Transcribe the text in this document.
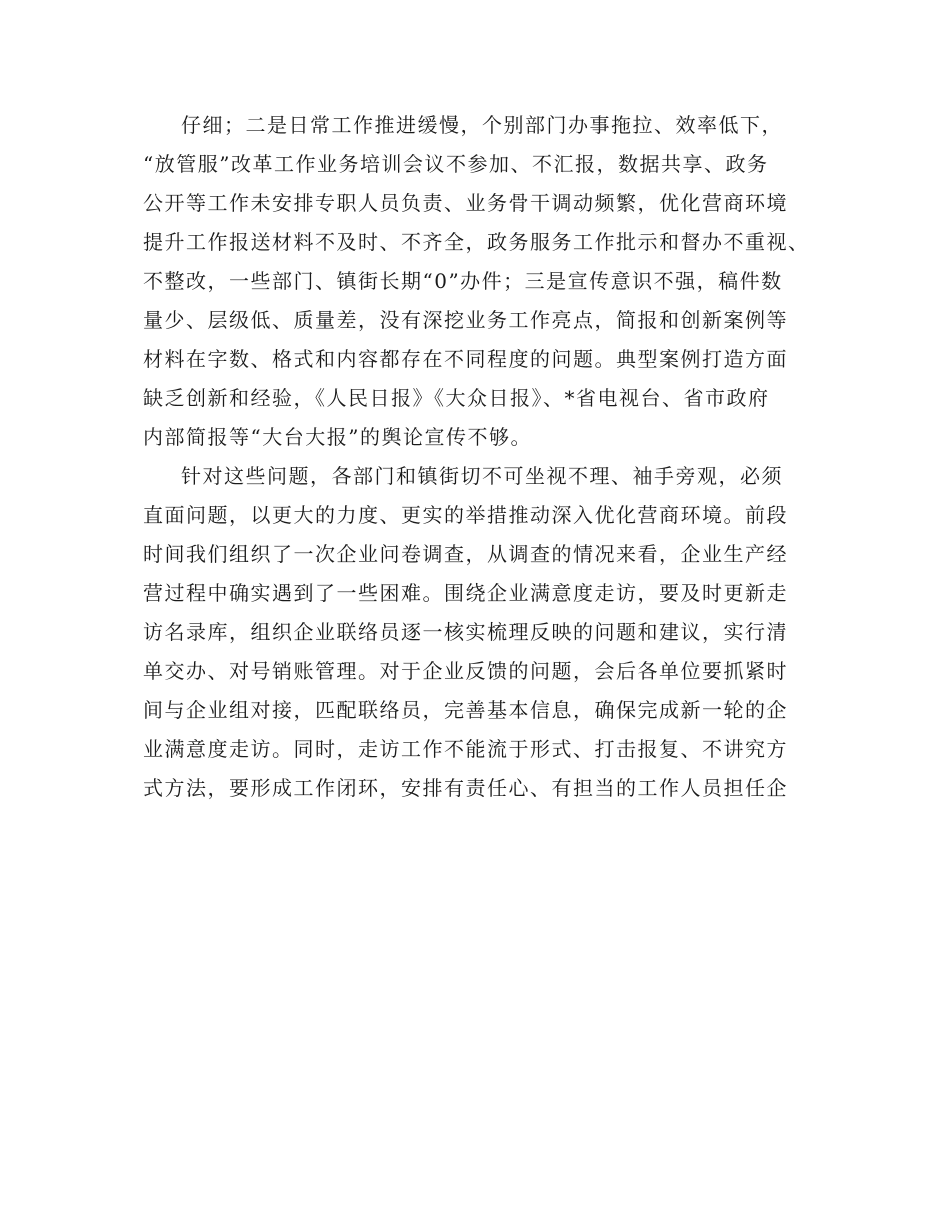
仔细；二是日常工作推进缓慢，个别部门办事拖拉、效率低下，
“放管服”改革工作业务培训会议不参加、不汇报，数据共享、政务
公开等工作未安排专职人员负责、业务骨干调动频繁，优化营商环境
提升工作报送材料不及时、不齐全，政务服务工作批示和督办不重视、
不整改，一些部门、镇街长期“0”办件；三是宣传意识不强，稿件数
量少、层级低、质量差，没有深挖业务工作亮点，简报和创新案例等
材料在字数、格式和内容都存在不同程度的问题。典型案例打造方面
缺乏创新和经验，《人民日报》《大众日报》、*省电视台、省市政府
内部简报等“大台大报”的舆论宣传不够。
针对这些问题，各部门和镇街切不可坐视不理、袖手旁观，必须
直面问题，以更大的力度、更实的举措推动深入优化营商环境。前段
时间我们组织了一次企业问卷调查，从调查的情况来看，企业生产经
营过程中确实遇到了一些困难。围绕企业满意度走访，要及时更新走
访名录库，组织企业联络员逐一核实梳理反映的问题和建议，实行清
单交办、对号销账管理。对于企业反馈的问题，会后各单位要抓紧时
间与企业组对接，匹配联络员，完善基本信息，确保完成新一轮的企
业满意度走访。同时，走访工作不能流于形式、打击报复、不讲究方
式方法，要形成工作闭环，安排有责任心、有担当的工作人员担任企
